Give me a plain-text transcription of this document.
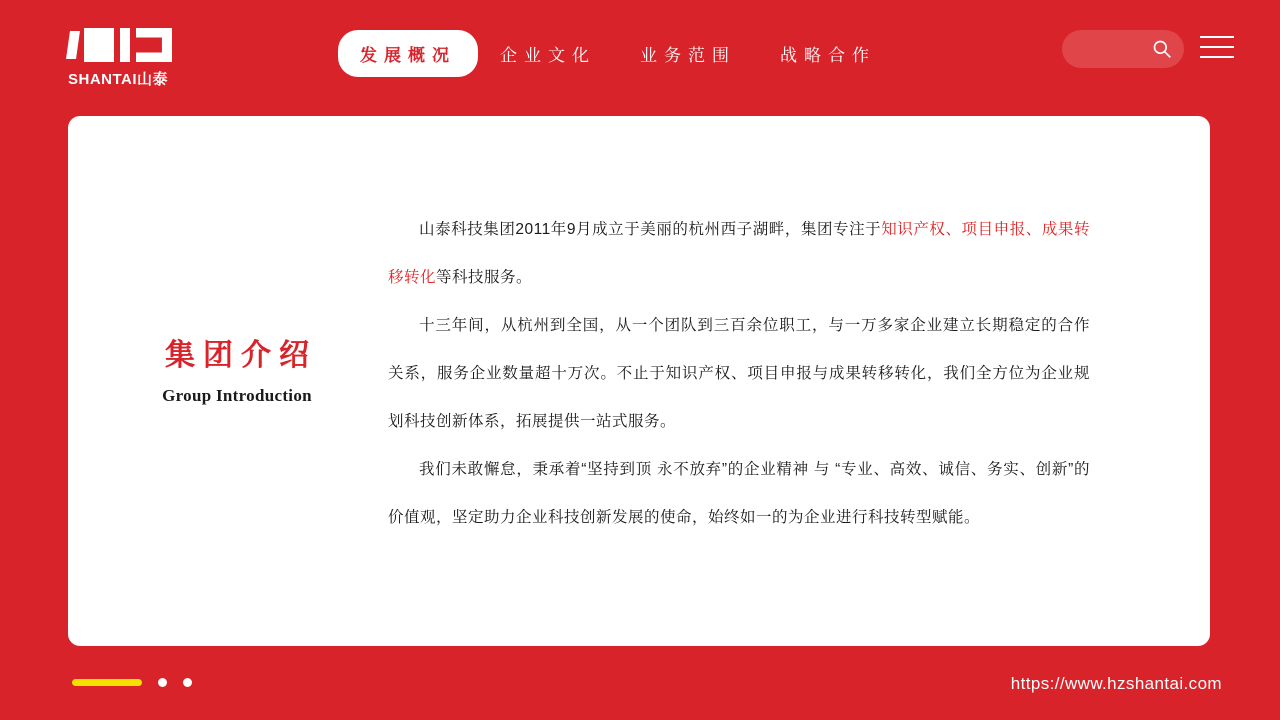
SHANTAI山泰
发展概况	企业文化	业务范围	战略合作
集团介绍
Group Introduction

山泰科技集团2011年9月成立于美丽的杭州西子湖畔，集团专注于知识产权、项目申报、成果转移转化等科技服务。

十三年间，从杭州到全国，从一个团队到三百余位职工，与一万多家企业建立长期稳定的合作关系，服务企业数量超十万次。不止于知识产权、项目申报与成果转移转化，我们全方位为企业规划科技创新体系，拓展提供一站式服务。

我们未敢懈怠，秉承着“坚持到顶 永不放弃”的企业精神 与 “专业、高效、诚信、务实、创新”的价值观，坚定助力企业科技创新发展的使命，始终如一的为企业进行科技转型赋能。

https://www.hzshantai.com
